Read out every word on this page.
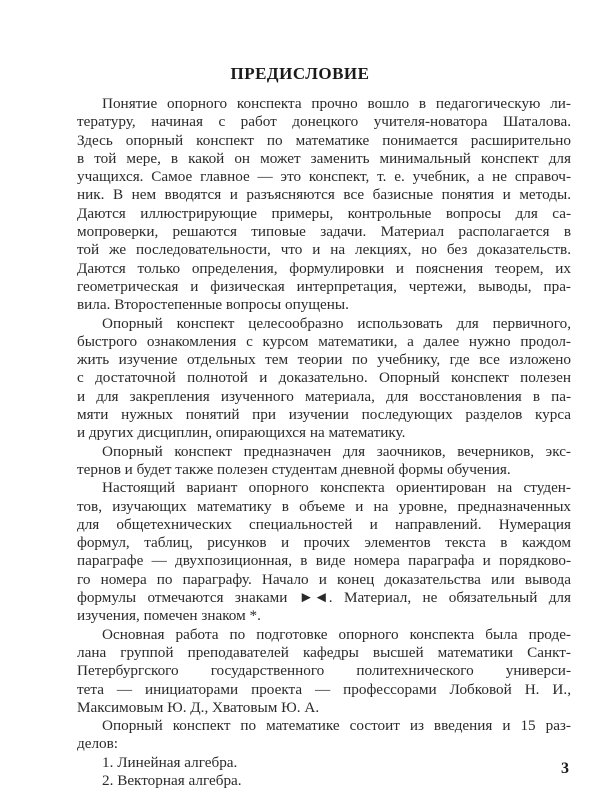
ПРЕДИСЛОВИЕ
Понятие опорного конспекта прочно вошло в педагогическую ли-
тературу, начиная с работ донецкого учителя-новатора Шаталова.
Здесь опорный конспект по математике понимается расширительно
в той мере, в какой он может заменить минимальный конспект для
учащихся. Самое главное — это конспект, т. е. учебник, а не справоч-
ник. В нем вводятся и разъясняются все базисные понятия и методы.
Даются иллюстрирующие примеры, контрольные вопросы для са-
мопроверки, решаются типовые задачи. Материал располагается в
той же последовательности, что и на лекциях, но без доказательств.
Даются только определения, формулировки и пояснения теорем, их
геометрическая и физическая интерпретация, чертежи, выводы, пра-
вила. Второстепенные вопросы опущены.
Опорный конспект целесообразно использовать для первичного,
быстрого ознакомления с курсом математики, а далее нужно продол-
жить изучение отдельных тем теории по учебнику, где все изложено
с достаточной полнотой и доказательно. Опорный конспект полезен
и для закрепления изученного материала, для восстановления в па-
мяти нужных понятий при изучении последующих разделов курса
и других дисциплин, опирающихся на математику.
Опорный конспект предназначен для заочников, вечерников, экс-
тернов и будет также полезен студентам дневной формы обучения.
Настоящий вариант опорного конспекта ориентирован на студен-
тов, изучающих математику в объеме и на уровне, предназначенных
для общетехнических специальностей и направлений. Нумерация
формул, таблиц, рисунков и прочих элементов текста в каждом
параграфе — двухпозиционная, в виде номера параграфа и порядково-
го номера по параграфу. Начало и конец доказательства или вывода
формулы отмечаются знаками ►◄. Материал, не обязательный для
изучения, помечен знаком *.
Основная работа по подготовке опорного конспекта была проде-
лана группой преподавателей кафедры высшей математики Санкт-
Петербургского государственного политехнического универси-
тета — инициаторами проекта — профессорами Лобковой Н. И.,
Максимовым Ю. Д., Хватовым Ю. А.
Опорный конспект по математике состоит из введения и 15 раз-
делов:
1. Линейная алгебра.
2. Векторная алгебра.
3
